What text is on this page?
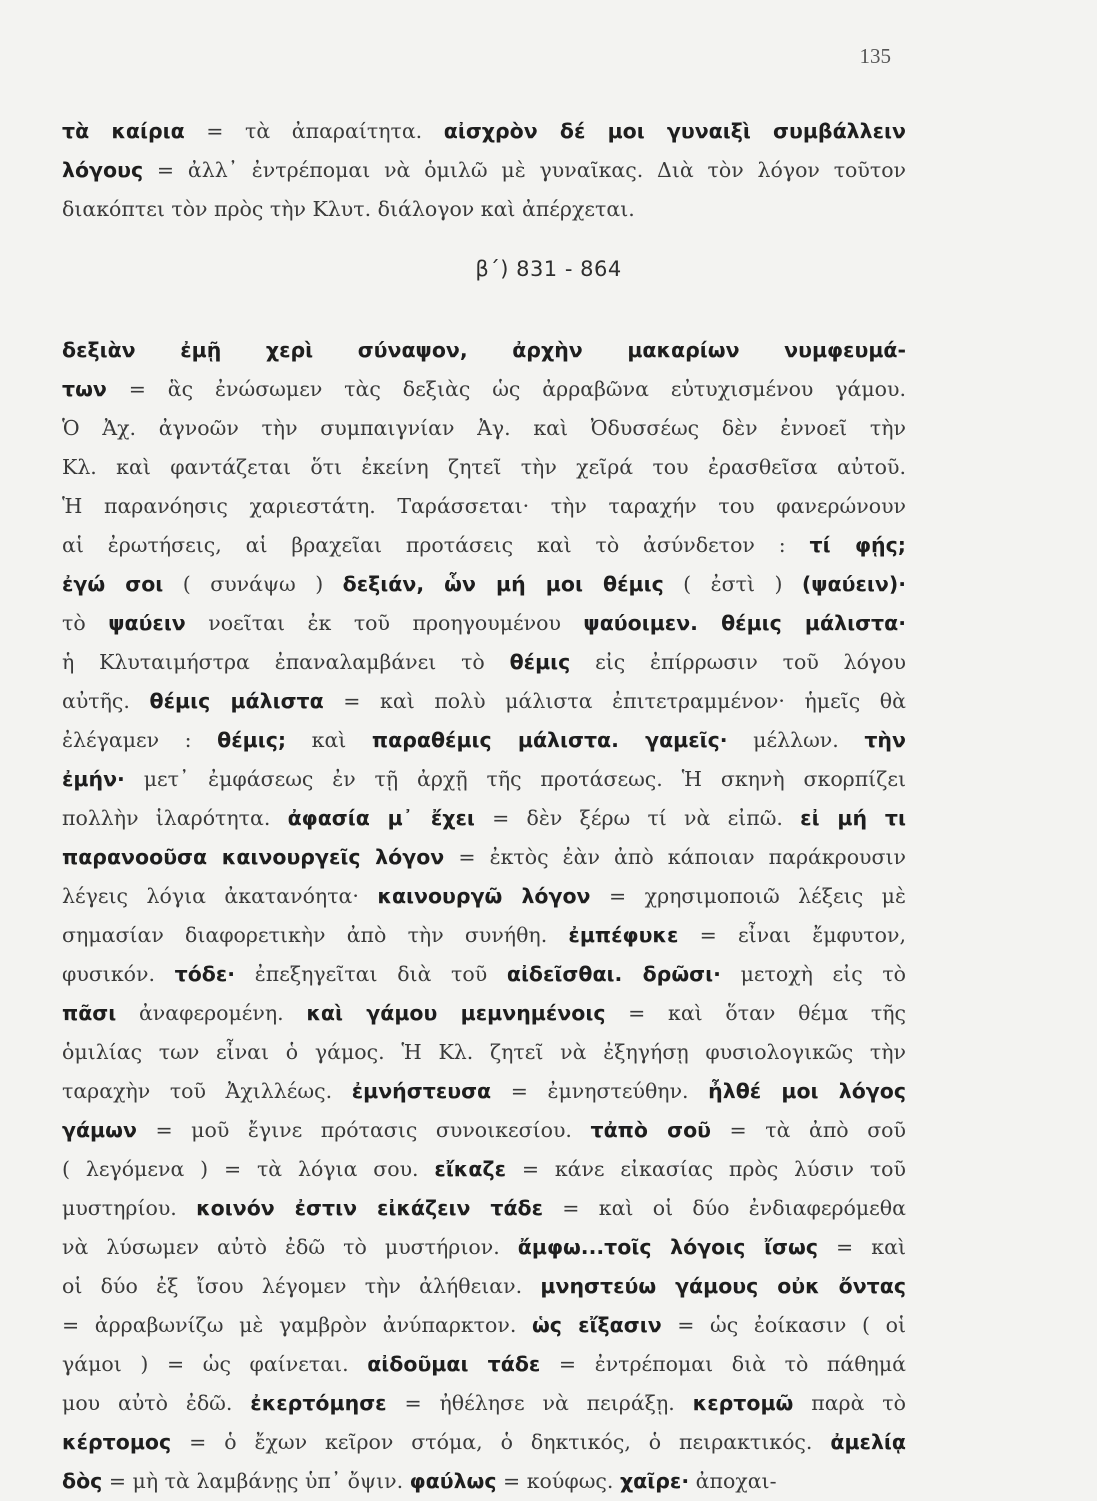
135
τὰ καίρια = τὰ ἀπαραίτητα. αἰσχρὸν δέ μοι γυναιξὶ συμβάλλειν
λόγους = ἀλλ᾽ ἐντρέπομαι νὰ ὁμιλῶ μὲ γυναῖκας. Διὰ τὸν λόγον τοῦτον
διακόπτει τὸν πρὸς τὴν Κλυτ. διάλογον καὶ ἀπέρχεται.
β΄) 831 - 864
δεξιὰν ἐμῇ χερὶ σύναψον, ἀρχὴν μακαρίων νυμφευμά-
των = ἃς ἐνώσωμεν τὰς δεξιὰς ὡς ἀρραβῶνα εὐτυχισμένου γάμου.
Ὁ Ἀχ. ἀγνοῶν τὴν συμπαιγνίαν Ἀγ. καὶ Ὀδυσσέως δὲν ἐννοεῖ τὴν
Κλ. καὶ φαντάζεται ὅτι ἐκείνη ζητεῖ τὴν χεῖρά του ἐρασθεῖσα αὐτοῦ.
Ἡ παρανόησις χαριεστάτη. Ταράσσεται· τὴν ταραχήν του φανερώνουν
αἱ ἐρωτήσεις, αἱ βραχεῖαι προτάσεις καὶ τὸ ἀσύνδετον : τί φῄς;
ἐγώ σοι ( συνάψω ) δεξιάν, ὧν μή μοι θέμις ( ἐστὶ ) (ψαύειν)·
τὸ ψαύειν νοεῖται ἐκ τοῦ προηγουμένου ψαύοιμεν. θέμις μάλιστα·
ἡ Κλυταιμήστρα ἐπαναλαμβάνει τὸ θέμις εἰς ἐπίρρωσιν τοῦ λόγου
αὐτῆς. θέμις μάλιστα = καὶ πολὺ μάλιστα ἐπιτετραμμένον· ἡμεῖς θὰ
ἐλέγαμεν : θέμις; καὶ παραθέμις μάλιστα. γαμεῖς· μέλλων. τὴν
ἐμήν· μετ᾽ ἐμφάσεως ἐν τῇ ἀρχῇ τῆς προτάσεως. Ἡ σκηνὴ σκορπίζει
πολλὴν ἱλαρότητα. ἀφασία μ᾽ ἔχει = δὲν ξέρω τί νὰ εἰπῶ. εἰ μή τι
παρανοοῦσα καινουργεῖς λόγον = ἐκτὸς ἐὰν ἀπὸ κάποιαν παράκρουσιν
λέγεις λόγια ἀκατανόητα· καινουργῶ λόγον = χρησιμοποιῶ λέξεις μὲ
σημασίαν διαφορετικὴν ἀπὸ τὴν συνήθη. ἐμπέφυκε = εἶναι ἔμφυτον,
φυσικόν. τόδε· ἐπεξηγεῖται διὰ τοῦ αἰδεῖσθαι. δρῶσι· μετοχὴ εἰς τὸ
πᾶσι ἀναφερομένη. καὶ γάμου μεμνημένοις = καὶ ὅταν θέμα τῆς
ὁμιλίας των εἶναι ὁ γάμος. Ἡ Κλ. ζητεῖ νὰ ἐξηγήσῃ φυσιολογικῶς τὴν
ταραχὴν τοῦ Ἀχιλλέως. ἐμνήστευσα = ἐμνηστεύθην. ἦλθέ μοι λόγος
γάμων = μοῦ ἔγινε πρότασις συνοικεσίου. τἀπὸ σοῦ = τὰ ἀπὸ σοῦ
( λεγόμενα ) = τὰ λόγια σου. εἴκαζε = κάνε εἰκασίας πρὸς λύσιν τοῦ
μυστηρίου. κοινόν ἐστιν εἰκάζειν τάδε = καὶ οἱ δύο ἐνδιαφερόμεθα
νὰ λύσωμεν αὐτὸ ἐδῶ τὸ μυστήριον. ἄμφω...τοῖς λόγοις ἴσως = καὶ
οἱ δύο ἐξ ἴσου λέγομεν τὴν ἀλήθειαν. μνηστεύω γάμους οὐκ ὄντας
= ἀρραβωνίζω μὲ γαμβρὸν ἀνύπαρκτον. ὡς εἴξασιν = ὡς ἐοίκασιν ( οἱ
γάμοι ) = ὡς φαίνεται. αἰδοῦμαι τάδε = ἐντρέπομαι διὰ τὸ πάθημά
μου αὐτὸ ἐδῶ. ἐκερτόμησε = ἠθέλησε νὰ πειράξῃ. κερτομῶ παρὰ τὸ
κέρτομος = ὁ ἔχων κεῖρον στόμα, ὁ δηκτικός, ὁ πειρακτικός. ἀμελίᾳ
δὸς = μὴ τὰ λαμβάνῃς ὑπ᾽ ὄψιν. φαύλως = κούφως. χαῖρε· ἀποχαι-
